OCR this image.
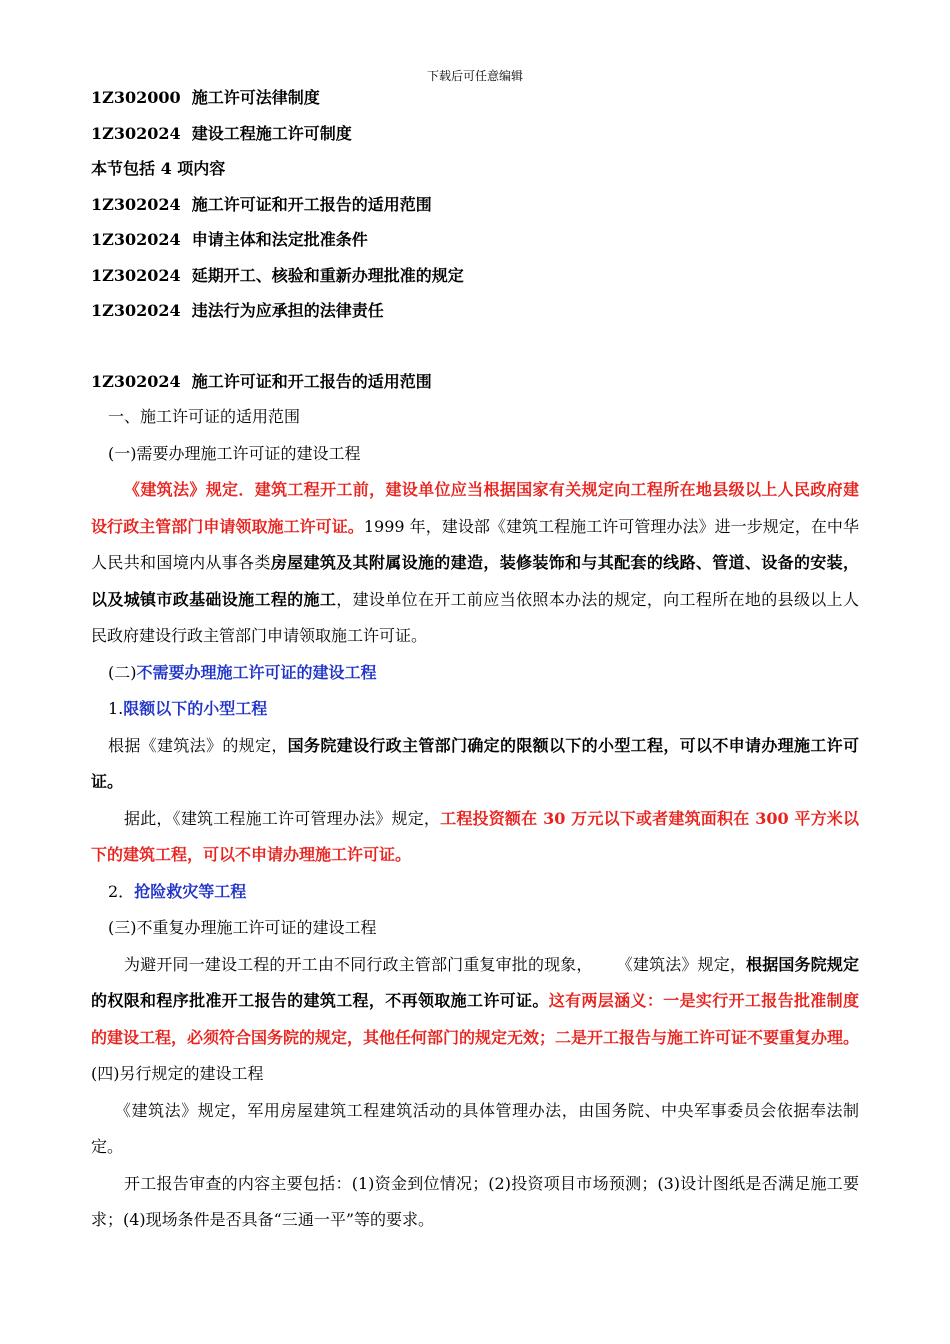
下载后可任意编辑
1Z302000 施工许可法律制度
1Z302024 建设工程施工许可制度
本节包括 4 项内容
1Z302024 施工许可证和开工报告的适用范围
1Z302024 申请主体和法定批准条件
1Z302024 延期开工、核验和重新办理批准的规定
1Z302024 违法行为应承担的法律责任
1Z302024 施工许可证和开工报告的适用范围

一、施工许可证的适用范围

(一)需要办理施工许可证的建设工程

《建筑法》规定．建筑工程开工前，建设单位应当根据国家有关规定向工程所在地县级以上人民政府建设行政主管部门申请领取施工许可证。1999 年，建设部《建筑工程施工许可管理办法》进一步规定，在中华人民共和国境内从事各类房屋建筑及其附属设施的建造，装修装饰和与其配套的线路、管道、设备的安装，以及城镇市政基础设施工程的施工，建设单位在开工前应当依照本办法的规定，向工程所在地的县级以上人民政府建设行政主管部门申请领取施工许可证。

(二)不需要办理施工许可证的建设工程

1.限额以下的小型工程

根据《建筑法》的规定，国务院建设行政主管部门确定的限额以下的小型工程，可以不申请办理施工许可证。

据此，《建筑工程施工许可管理办法》规定，工程投资额在 30 万元以下或者建筑面积在 300 平方米以下的建筑工程，可以不申请办理施工许可证。

2．抢险救灾等工程

(三)不重复办理施工许可证的建设工程

为避开同一建设工程的开工由不同行政主管部门重复审批的现象， 《建筑法》规定，根据国务院规定的权限和程序批准开工报告的建筑工程，不再领取施工许可证。这有两层涵义：一是实行开工报告批准制度的建设工程，必须符合国务院的规定，其他任何部门的规定无效；二是开工报告与施工许可证不要重复办理。

(四)另行规定的建设工程

《建筑法》规定，军用房屋建筑工程建筑活动的具体管理办法，由国务院、中央军事委员会依据奉法制定。

开工报告审查的内容主要包括：(1)资金到位情况；(2)投资项目市场预测；(3)设计图纸是否满足施工要求；(4)现场条件是否具备“三通一平”等的要求。
